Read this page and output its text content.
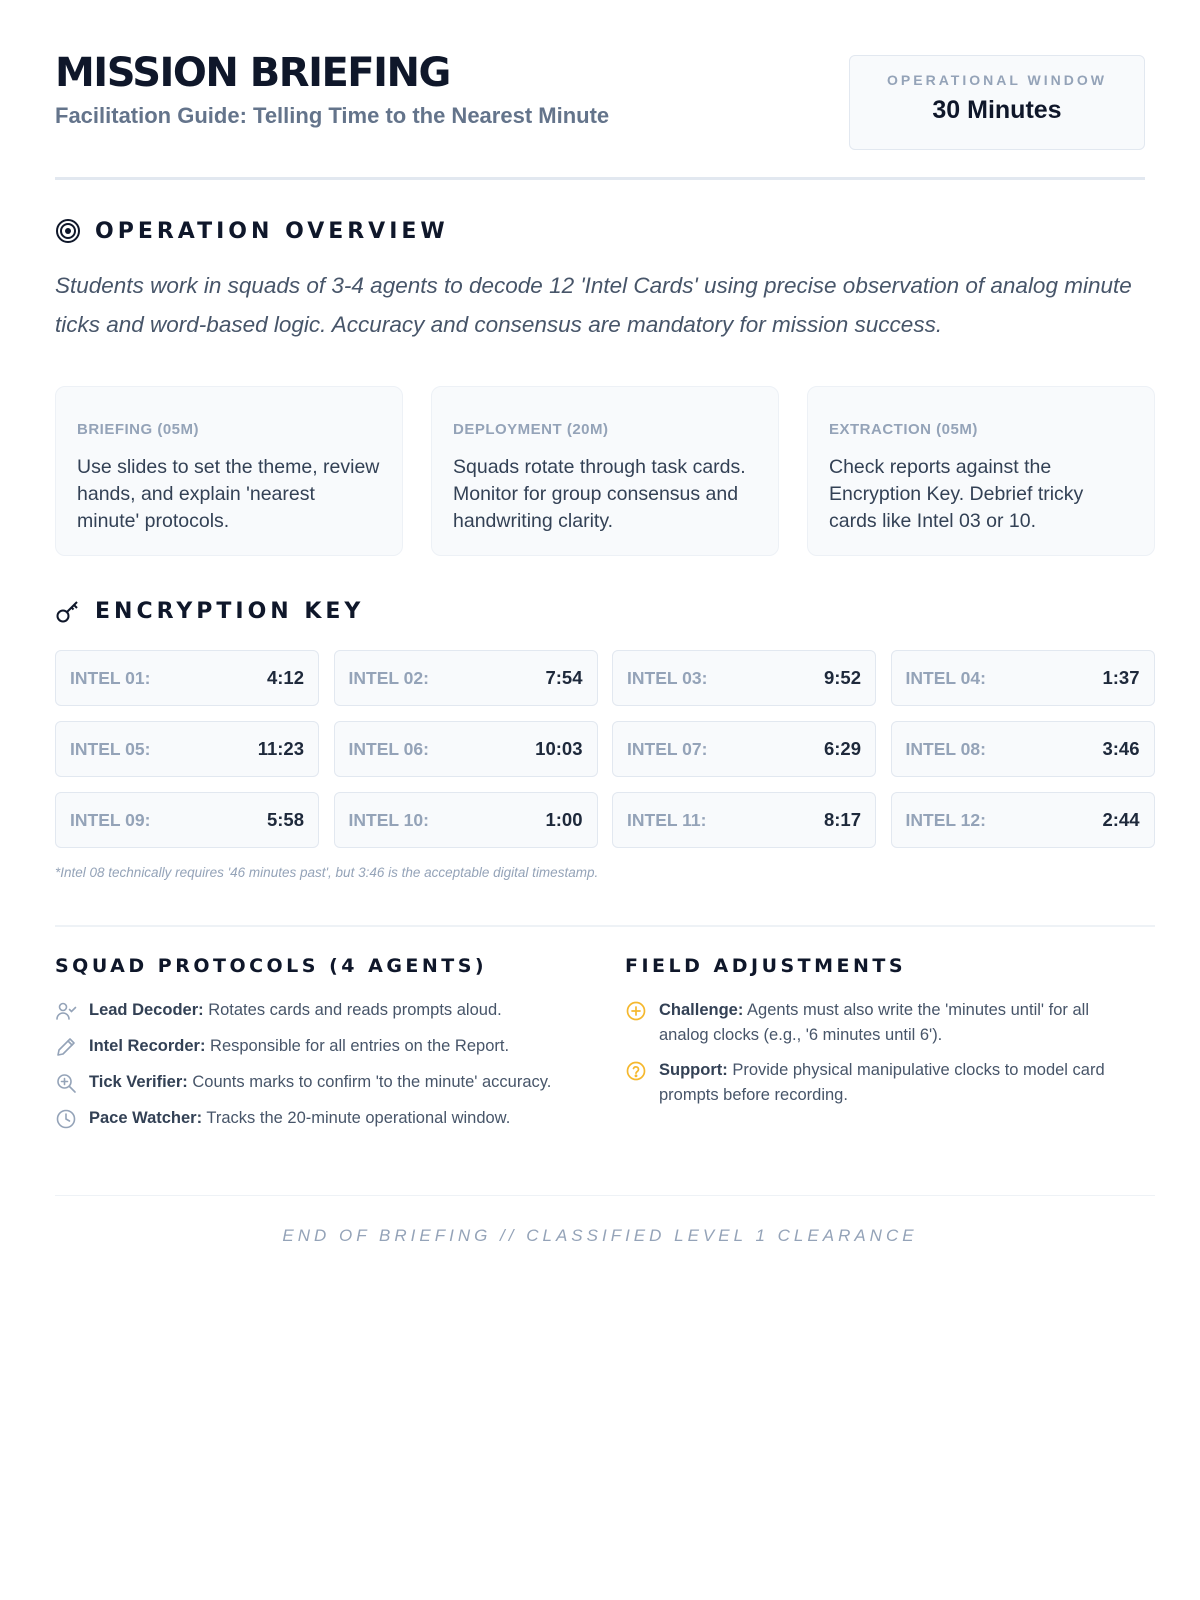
MISSION BRIEFING
Facilitation Guide: Telling Time to the Nearest Minute
OPERATIONAL WINDOW
30 Minutes
OPERATION OVERVIEW

Students work in squads of 3-4 agents to decode 12 'Intel Cards' using precise observation of analog minute ticks and word-based logic. Accuracy and consensus are mandatory for mission success.

BRIEFING (05M)
Use slides to set the theme, review hands, and explain 'nearest minute' protocols.
DEPLOYMENT (20M)
Squads rotate through task cards. Monitor for group consensus and handwriting clarity.
EXTRACTION (05M)
Check reports against the Encryption Key. Debrief tricky cards like Intel 03 or 10.
ENCRYPTION KEY
INTEL 01:	4:12	INTEL 02:	7:54	INTEL 03:	9:52	INTEL 04:	1:37
INTEL 05:	11:23	INTEL 06:	10:03	INTEL 07:	6:29	INTEL 08:	3:46
INTEL 09:	5:58	INTEL 10:	1:00	INTEL 11:	8:17	INTEL 12:	2:44
*Intel 08 technically requires '46 minutes past', but 3:46 is the acceptable digital timestamp.
SQUAD PROTOCOLS (4 AGENTS)
Lead Decoder: Rotates cards and reads prompts aloud.
Intel Recorder: Responsible for all entries on the Report.
Tick Verifier: Counts marks to confirm 'to the minute' accuracy.
Pace Watcher: Tracks the 20-minute operational window.
FIELD ADJUSTMENTS
Challenge: Agents must also write the 'minutes until' for all analog clocks (e.g., '6 minutes until 6').
Support: Provide physical manipulative clocks to model card prompts before recording.
END OF BRIEFING // CLASSIFIED LEVEL 1 CLEARANCE
